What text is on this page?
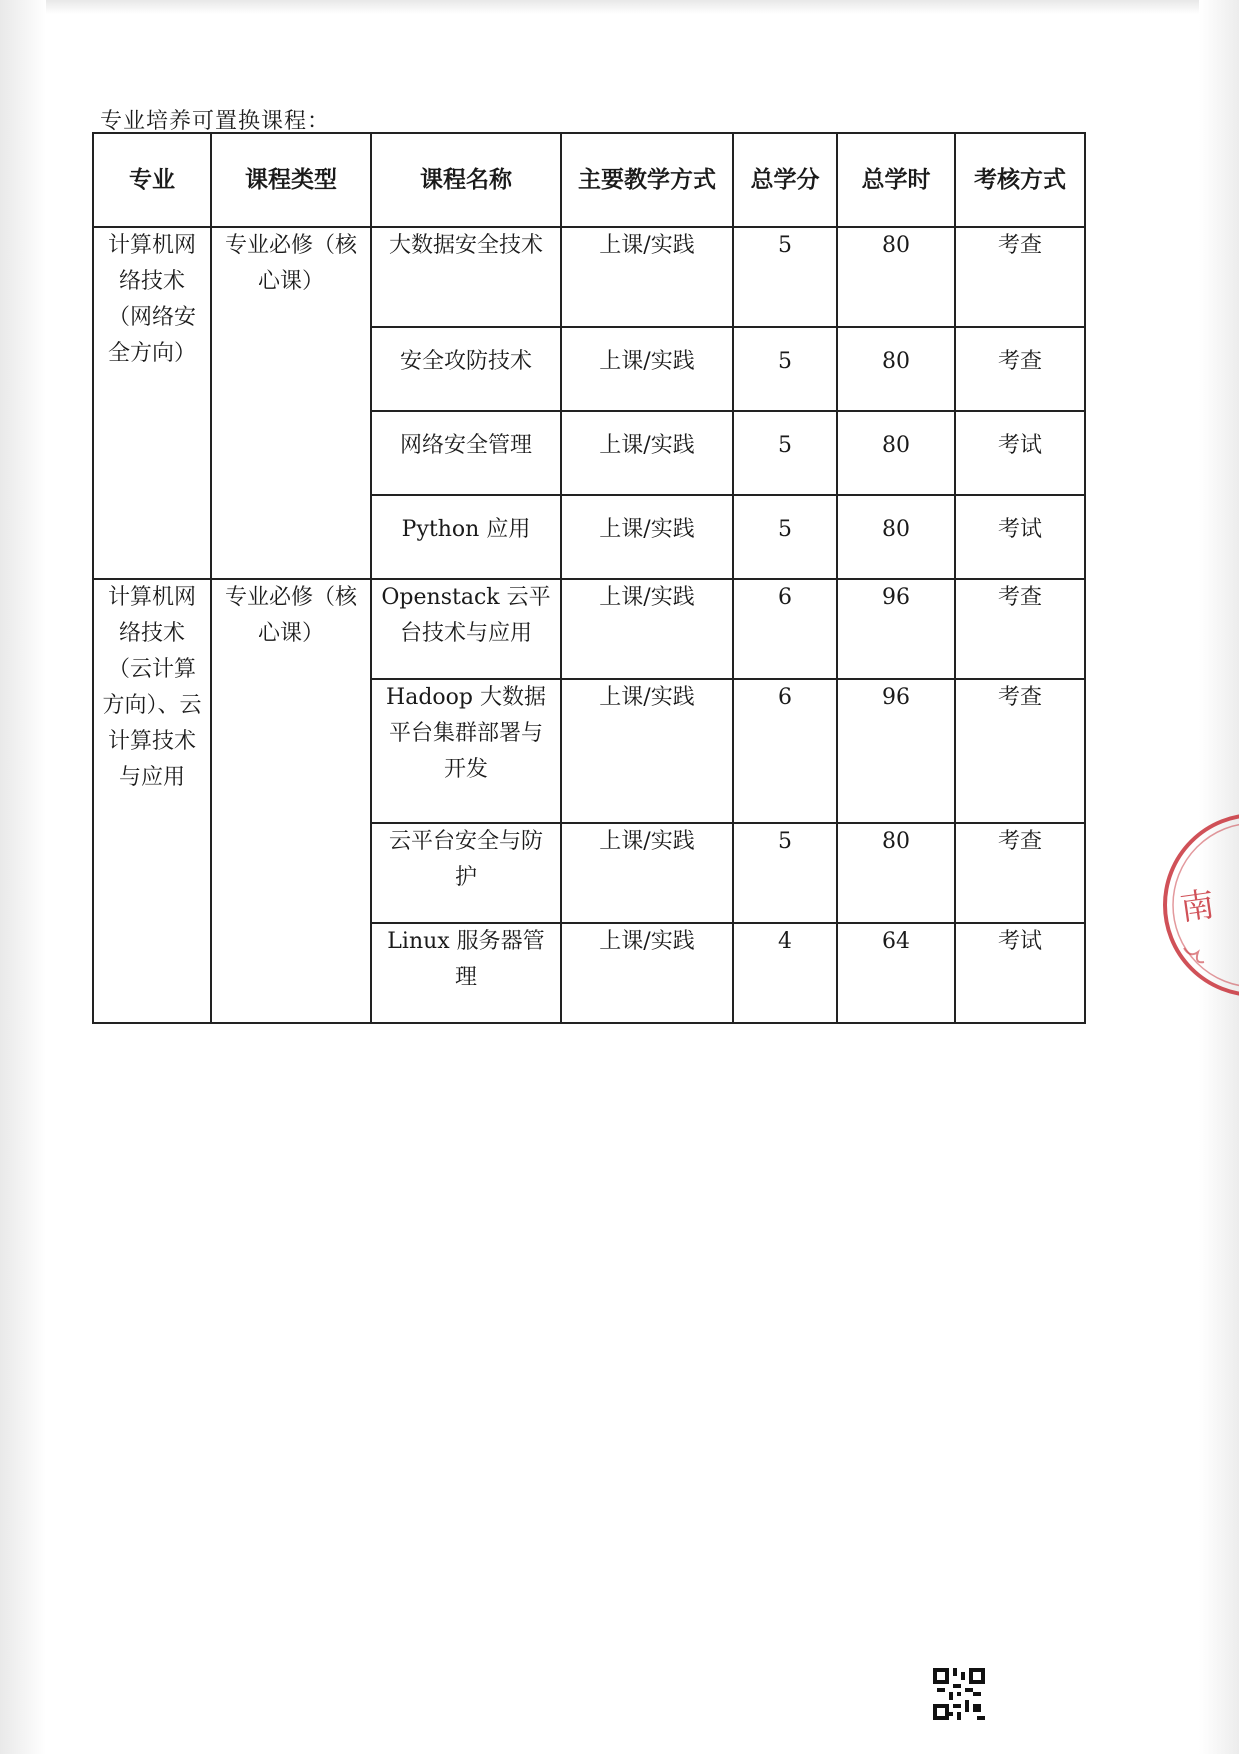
专业培养可置换课程：
专业	课程类型	课程名称	主要教学方式	总学分	总学时	考核方式
计算机网络技术（网络安全方向）	专业必修（核心课）	大数据安全技术	上课/实践	5	80	考查
		安全攻防技术	上课/实践	5	80	考查
		网络安全管理	上课/实践	5	80	考试
		Python 应用	上课/实践	5	80	考试
计算机网络技术（云计算方向）、云计算技术与应用	专业必修（核心课）	Openstack 云平台技术与应用	上课/实践	6	96	考查
		Hadoop 大数据平台集群部署与开发	上课/实践	6	96	考查
		云平台安全与防护	上课/实践	5	80	考查
		Linux 服务器管理	上课/实践	4	64	考试
南
